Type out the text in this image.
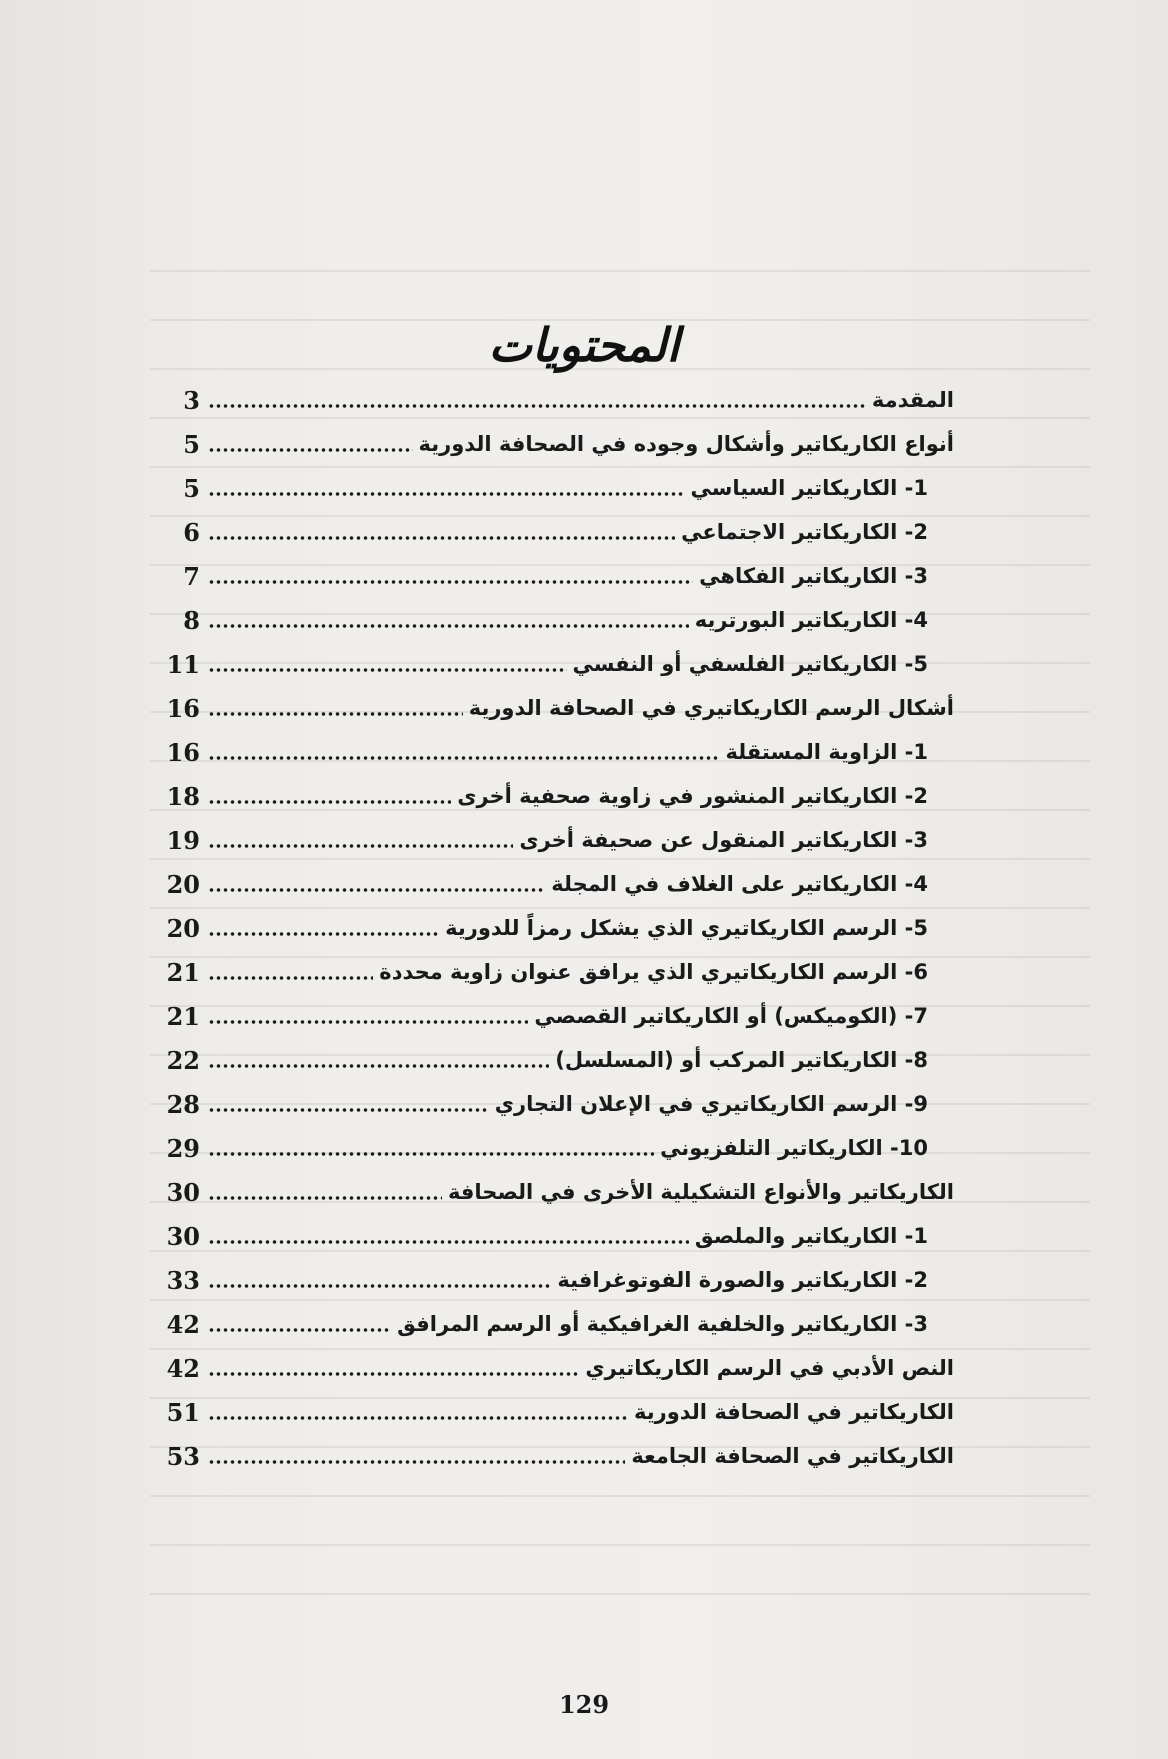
المحتويات
3	المقدمة
5	أنواع الكاريكاتير وأشكال وجوده في الصحافة الدورية
5	1- الكاريكاتير السياسي
6	2- الكاريكاتير الاجتماعي
7	3- الكاريكاتير الفكاهي
8	4- الكاريكاتير البورتريه
11	5- الكاريكاتير الفلسفي أو النفسي
16	أشكال الرسم الكاريكاتيري في الصحافة الدورية
16	1- الزاوية المستقلة
18	2- الكاريكاتير المنشور في زاوية صحفية أخرى
19	3- الكاريكاتير المنقول عن صحيفة أخرى
20	4- الكاريكاتير على الغلاف في المجلة
20	5- الرسم الكاريكاتيري الذي يشكل رمزاً للدورية
21	6- الرسم الكاريكاتيري الذي يرافق عنوان زاوية محددة
21	7- (الكوميكس) أو الكاريكاتير القصصي
22	8- الكاريكاتير المركب أو (المسلسل)
28	9- الرسم الكاريكاتيري في الإعلان التجاري
29	10- الكاريكاتير التلفزيوني
30	الكاريكاتير والأنواع التشكيلية الأخرى في الصحافة
30	1- الكاريكاتير والملصق
33	2- الكاريكاتير والصورة الفوتوغرافية
42	3- الكاريكاتير والخلفية الغرافيكية أو الرسم المرافق
42	النص الأدبي في الرسم الكاريكاتيري
51	الكاريكاتير في الصحافة الدورية
53	الكاريكاتير في الصحافة الجامعة

129
